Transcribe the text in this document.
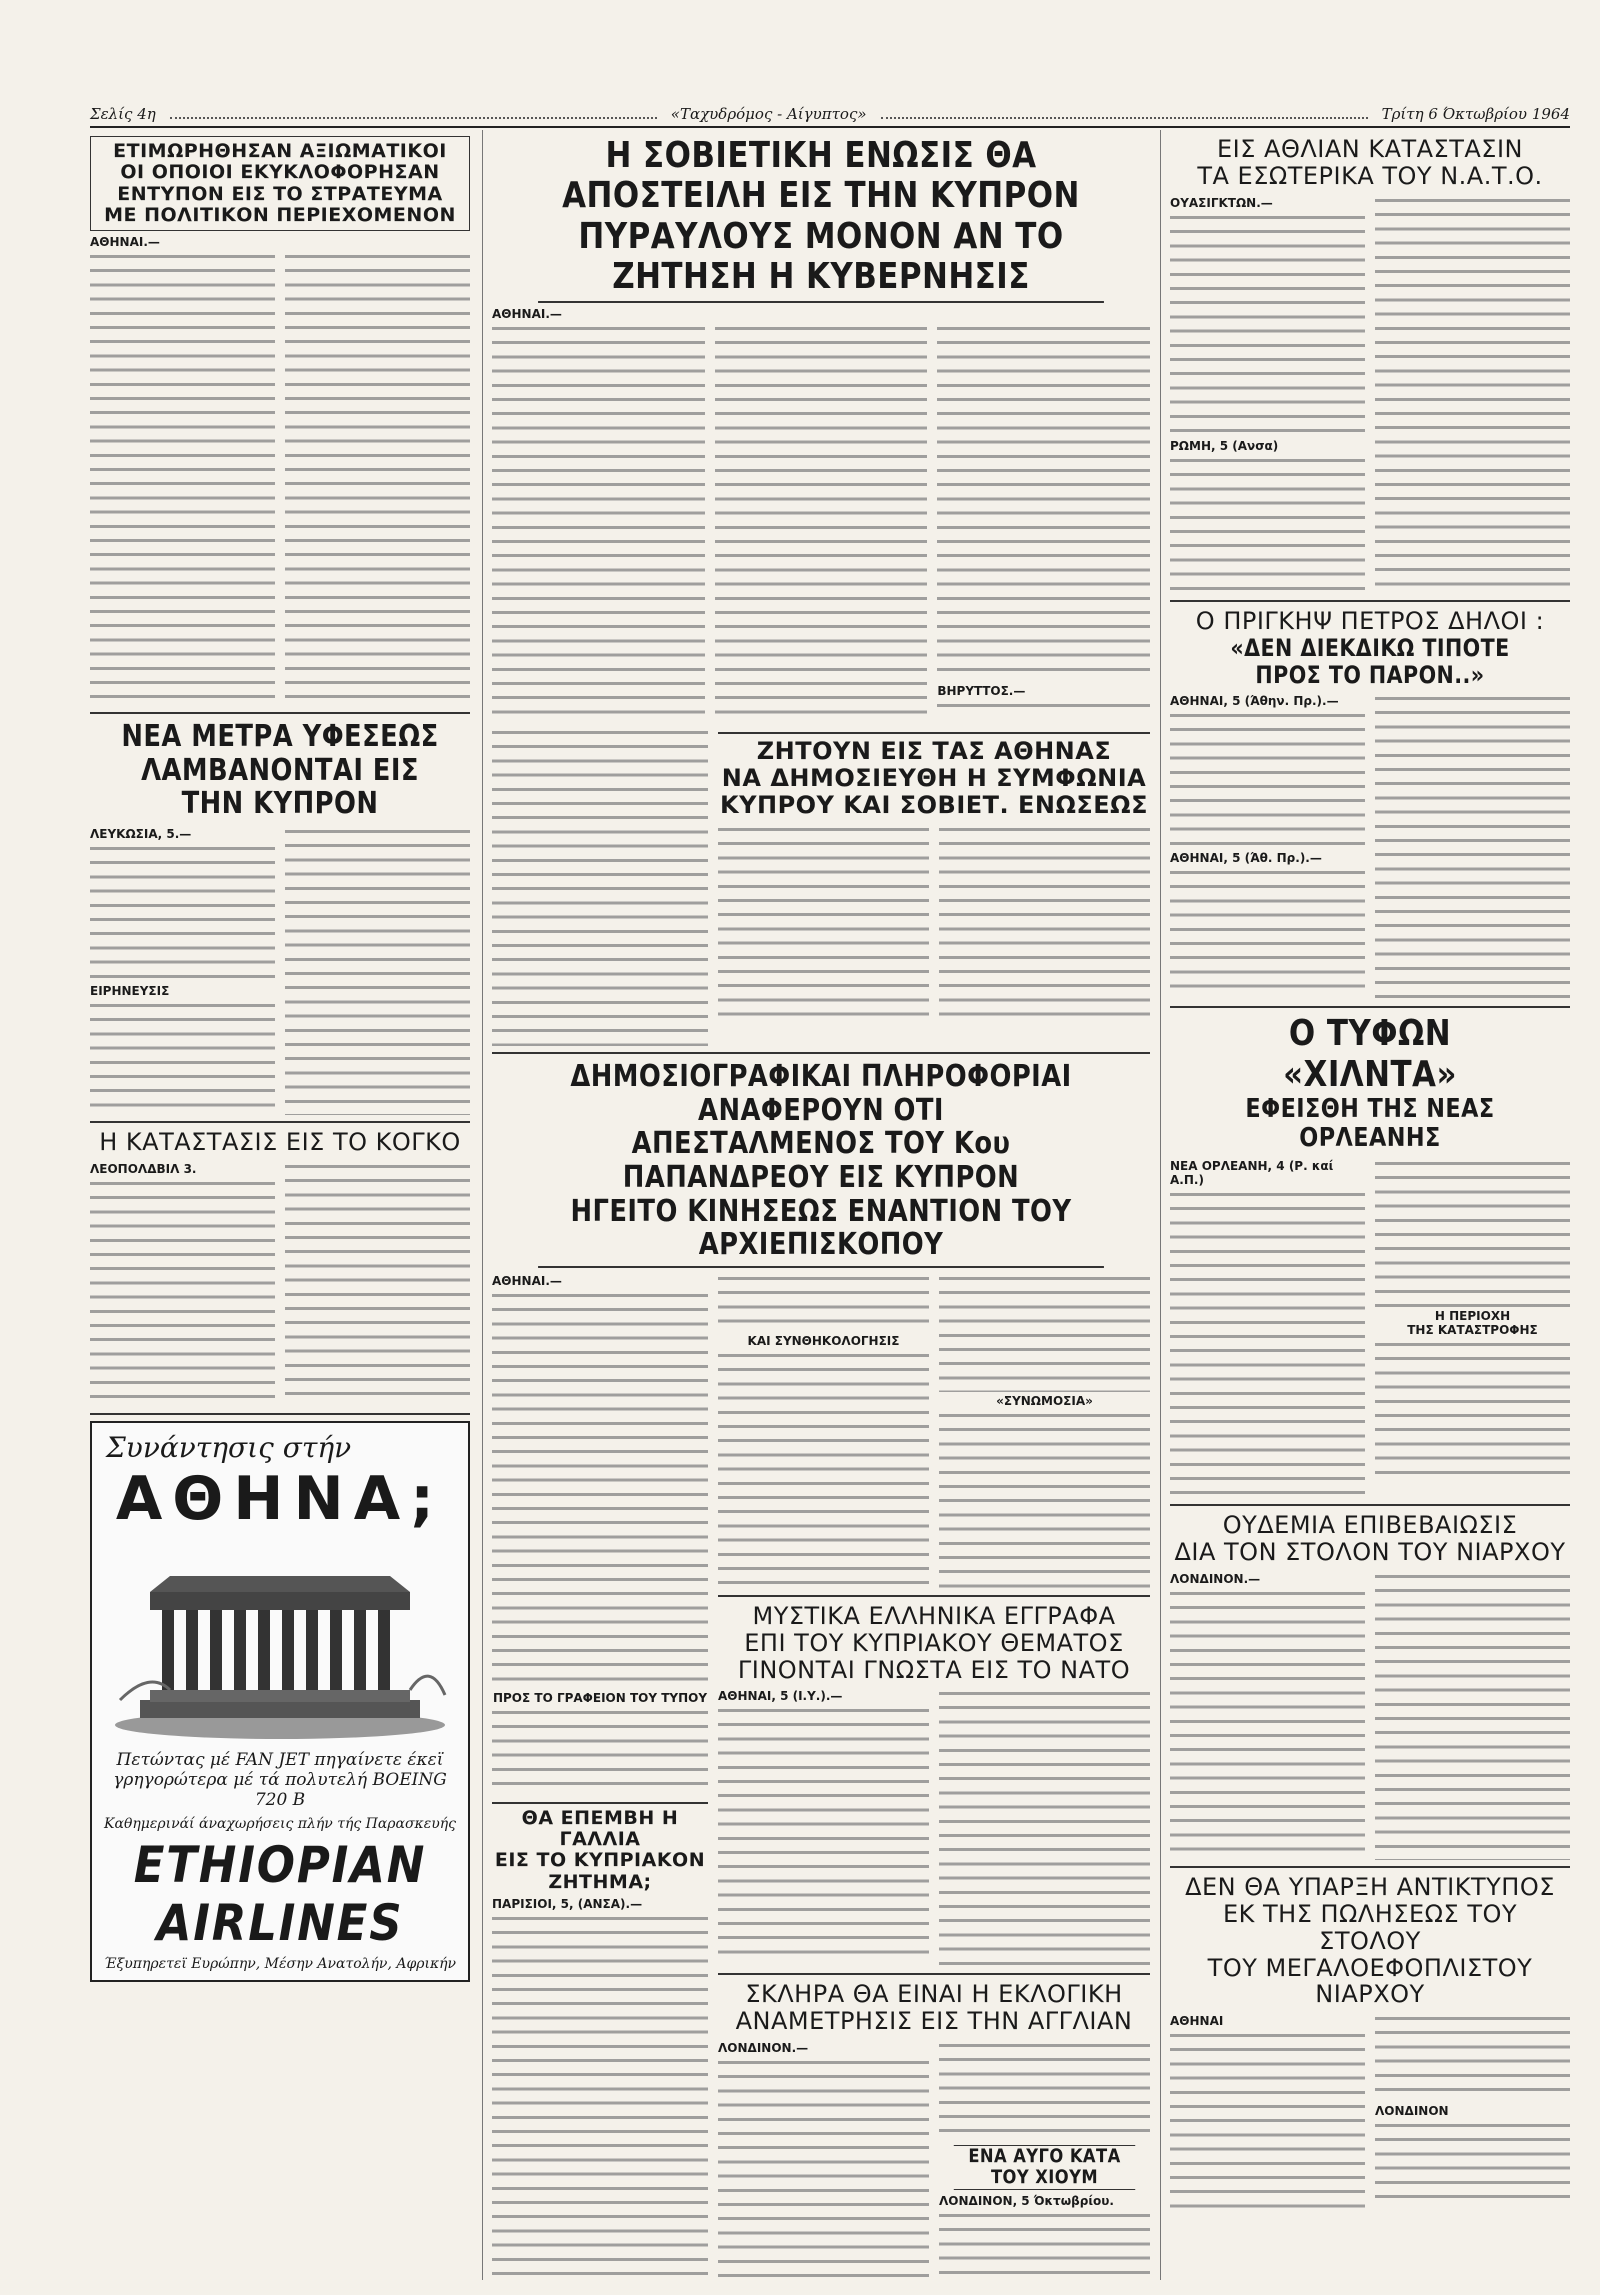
Σελίς 4η	«Ταχυδρόμος - Αίγυπτος»	Τρίτη 6 Όκτωβρίου 1964
ΕΤΙΜΩΡΗΘΗΣΑΝ ΑΞΙΩΜΑΤΙΚΟΙ
ΟΙ ΟΠΟΙΟΙ ΕΚΥΚΛΟΦΟΡΗΣΑΝ
ΕΝΤΥΠΟΝ ΕΙΣ ΤΟ ΣΤΡΑΤΕΥΜΑ
ΜΕ ΠΟΛΙΤΙΚΟΝ ΠΕΡΙΕΧΟΜΕΝΟΝ
ΑΘΗΝΑΙ.—
ΝΕΑ ΜΕΤΡΑ ΥΦΕΣΕΩΣ
ΛΑΜΒΑΝΟΝΤΑΙ ΕΙΣ ΤΗΝ ΚΥΠΡΟΝ
ΛΕΥΚΩΣΙΑ, 5.—
ΕΙΡΗΝΕΥΣΙΣ
Η ΚΑΤΑΣΤΑΣΙΣ ΕΙΣ ΤΟ ΚΟΓΚΟ
ΛΕΟΠΟΛΔΒΙΛ 3.
Συνάντησις στήν
ΑΘΗΝΑ;
Πετώντας μέ FAN JET πηγαίνετε έκεϊ γρηγορώτερα μέ τά πολυτελή BOEING 720 B
Καθημερινάί άναχωρήσεις πλήν τής Παρασκευής
ETHIOPIAN AIRLINES
Έξυπηρετεϊ Ευρώπην, Μέσην Ανατολήν, Αφρικήν
Η ΣΟΒΙΕΤΙΚΗ ΕΝΩΣΙΣ ΘΑ ΑΠΟΣΤΕΙΛΗ ΕΙΣ ΤΗΝ ΚΥΠΡΟΝ
ΠΥΡΑΥΛΟΥΣ ΜΟΝΟΝ ΑΝ ΤΟ ΖΗΤΗΣΗ Η ΚΥΒΕΡΝΗΣΙΣ
ΑΘΗΝΑΙ.—
ΒΗΡΥΤΤΟΣ.—
ΖΗΤΟΥΝ ΕΙΣ ΤΑΣ ΑΘΗΝΑΣ
ΝΑ ΔΗΜΟΣΙΕΥΘΗ Η ΣΥΜΦΩΝΙΑ
ΚΥΠΡΟΥ ΚΑΙ ΣΟΒΙΕΤ. ΕΝΩΣΕΩΣ
ΔΗΜΟΣΙΟΓΡΑΦΙΚΑΙ ΠΛΗΡΟΦΟΡΙΑΙ ΑΝΑΦΕΡΟΥΝ ΟΤΙ
ΑΠΕΣΤΑΛΜΕΝΟΣ ΤΟΥ Κου ΠΑΠΑΝΔΡΕΟΥ ΕΙΣ ΚΥΠΡΟΝ
ΗΓΕΙΤΟ ΚΙΝΗΣΕΩΣ ΕΝΑΝΤΙΟΝ ΤΟΥ ΑΡΧΙΕΠΙΣΚΟΠΟΥ
ΑΘΗΝΑΙ.—
ΠΡΟΣ ΤΟ ΓΡΑΦΕΙΟΝ ΤΟΥ ΤΥΠΟΥ
ΘΑ ΕΠΕΜΒΗ Η ΓΑΛΛΙΑ
ΕΙΣ ΤΟ ΚΥΠΡΙΑΚΟΝ ΖΗΤΗΜΑ;
ΠΑΡΙΣΙΟΙ, 5, (ΑΝΣΑ).—
ΚΑΙ ΣΥΝΘΗΚΟΛΟΓΗΣΙΣ
«ΣΥΝΩΜΟΣΙΑ»
ΜΥΣΤΙΚΑ ΕΛΛΗΝΙΚΑ ΕΓΓΡΑΦΑ
ΕΠΙ ΤΟΥ ΚΥΠΡΙΑΚΟΥ ΘΕΜΑΤΟΣ
ΓΙΝΟΝΤΑΙ ΓΝΩΣΤΑ ΕΙΣ ΤΟ ΝΑΤΟ
ΑΘΗΝΑΙ, 5 (Ι.Υ.).—
ΣΚΛΗΡΑ ΘΑ ΕΙΝΑΙ Η ΕΚΛΟΓΙΚΗ
ΑΝΑΜΕΤΡΗΣΙΣ ΕΙΣ ΤΗΝ ΑΓΓΛΙΑΝ
ΛΟΝΔΙΝΟΝ.—
ΕΝΑ ΑΥΓΟ ΚΑΤΑ ΤΟΥ ΧΙΟΥΜ
ΛΟΝΔΙΝΟΝ, 5 Όκτωβρίου.
ΕΙΣ ΑΘΛΙΑΝ ΚΑΤΑΣΤΑΣΙΝ
ΤΑ ΕΣΩΤΕΡΙΚΑ ΤΟΥ Ν.Α.Τ.Ο.
ΟΥΑΣΙΓΚΤΩΝ.—
ΡΩΜΗ, 5 (Ανσα)
Ο ΠΡΙΓΚΗΨ ΠΕΤΡΟΣ ΔΗΛΟΙ :
«ΔΕΝ ΔΙΕΚΔΙΚΩ ΤΙΠΟΤΕ ΠΡΟΣ ΤΟ ΠΑΡΟΝ..»
ΑΘΗΝΑΙ, 5 (Άθην. Πρ.).—
ΑΘΗΝΑΙ, 5 (Άθ. Πρ.).—
Ο ΤΥΦΩΝ «ΧΙΛΝΤΑ»
ΕΦΕΙΣΘΗ ΤΗΣ ΝΕΑΣ ΟΡΛΕΑΝΗΣ
ΝΕΑ ΟΡΛΕΑΝΗ, 4 (Ρ. καί Α.Π.)
Η ΠΕΡΙΟΧΗ
ΤΗΣ ΚΑΤΑΣΤΡΟΦΗΣ
ΟΥΔΕΜΙΑ ΕΠΙΒΕΒΑΙΩΣΙΣ
ΔΙΑ ΤΟΝ ΣΤΟΛΟΝ ΤΟΥ ΝΙΑΡΧΟΥ
ΛΟΝΔΙΝΟΝ.—
ΔΕΝ ΘΑ ΥΠΑΡΞΗ ΑΝΤΙΚΤΥΠΟΣ
ΕΚ ΤΗΣ ΠΩΛΗΣΕΩΣ ΤΟΥ ΣΤΟΛΟΥ
ΤΟΥ ΜΕΓΑΛΟΕΦΟΠΛΙΣΤΟΥ ΝΙΑΡΧΟΥ
ΑΘΗΝΑΙ
ΛΟΝΔΙΝΟΝ
